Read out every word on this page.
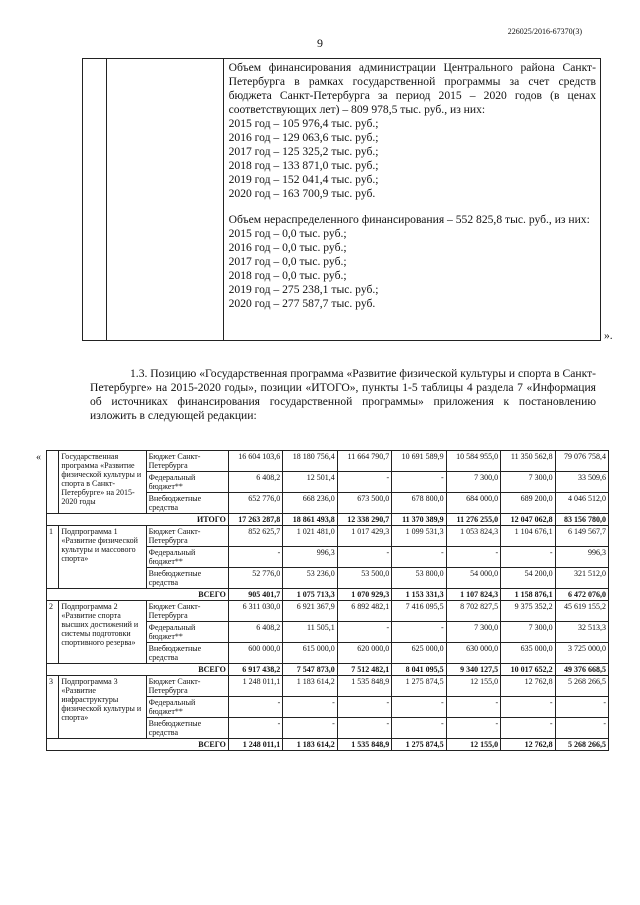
226025/2016-67370(3)
9

Объем финансирования администрации Центрального района Санкт-Петербурга в рамках государственной программы за счет средств бюджета Санкт-Петербурга за период 2015 – 2020 годов (в ценах соответствующих лет) – 809 978,5 тыс. руб., из них:

2015 год – 105 976,4 тыс. руб.;

2016 год – 129 063,6 тыс. руб.;

2017 год – 125 325,2 тыс. руб.;

2018 год – 133 871,0 тыс. руб.;

2019 год – 152 041,4 тыс. руб.;

2020 год – 163 700,9 тыс. руб.

Объем нераспределенного финансирования – 552 825,8 тыс. руб., из них:

2015 год – 0,0 тыс. руб.;

2016 год – 0,0 тыс. руб.;

2017 год – 0,0 тыс. руб.;

2018 год – 0,0 тыс. руб.;

2019 год – 275 238,1 тыс. руб.;

2020 год – 277 587,7 тыс. руб.

».
1.3. Позицию «Государственная программа «Развитие физической культуры и спорта в Санкт-Петербурге» на 2015-2020 годы», позиции «ИТОГО», пункты 1-5 таблицы 4 раздела 7 «Информация об источниках финансирования государственной программы» приложения к постановлению изложить в следующей редакции:
«
		Государственная программа «Развитие физической культуры и спорта в Санкт-Петербурге» на 2015-2020 годы	Бюджет Санкт-Петербурга	16 604 103,6	18 180 756,4	11 664 790,7	10 691 589,9	10 584 955,0	11 350 562,8	79 076 758,4
		Федеральный бюджет**	6 408,2	12 501,4	-	-	7 300,0	7 300,0	33 509,6
		Внебюджетные средства	652 776,0	668 236,0	673 500,0	678 800,0	684 000,0	689 200,0	4 046 512,0
ИТОГО			17 263 287,8	18 861 493,8	12 338 290,7	11 370 389,9	11 276 255,0	12 047 062,8	83 156 780,0
1	Подпрограмма 1 «Развитие физической культуры и массового спорта»	Бюджет Санкт-Петербурга	852 625,7	1 021 481,0	1 017 429,3	1 099 531,3	1 053 824,3	1 104 676,1	6 149 567,7
		Федеральный бюджет**	-	996,3	-	-	-	-	996,3
		Внебюджетные средства	52 776,0	53 236,0	53 500,0	53 800,0	54 000,0	54 200,0	321 512,0
ВСЕГО			905 401,7	1 075 713,3	1 070 929,3	1 153 331,3	1 107 824,3	1 158 876,1	6 472 076,0
2	Подпрограмма 2 «Развитие спорта высших достижений и системы подготовки спортивного резерва»	Бюджет Санкт-Петербурга	6 311 030,0	6 921 367,9	6 892 482,1	7 416 095,5	8 702 827,5	9 375 352,2	45 619 155,2
		Федеральный бюджет**	6 408,2	11 505,1	-	-	7 300,0	7 300,0	32 513,3
		Внебюджетные средства	600 000,0	615 000,0	620 000,0	625 000,0	630 000,0	635 000,0	3 725 000,0
ВСЕГО			6 917 438,2	7 547 873,0	7 512 482,1	8 041 095,5	9 340 127,5	10 017 652,2	49 376 668,5
3	Подпрограмма 3 «Развитие инфраструктуры физической культуры и спорта»	Бюджет Санкт-Петербурга	1 248 011,1	1 183 614,2	1 535 848,9	1 275 874,5	12 155,0	12 762,8	5 268 266,5
		Федеральный бюджет**	-	-	-	-	-	-	-
		Внебюджетные средства	-	-	-	-	-	-	-
ВСЕГО			1 248 011,1	1 183 614,2	1 535 848,9	1 275 874,5	12 155,0	12 762,8	5 268 266,5
